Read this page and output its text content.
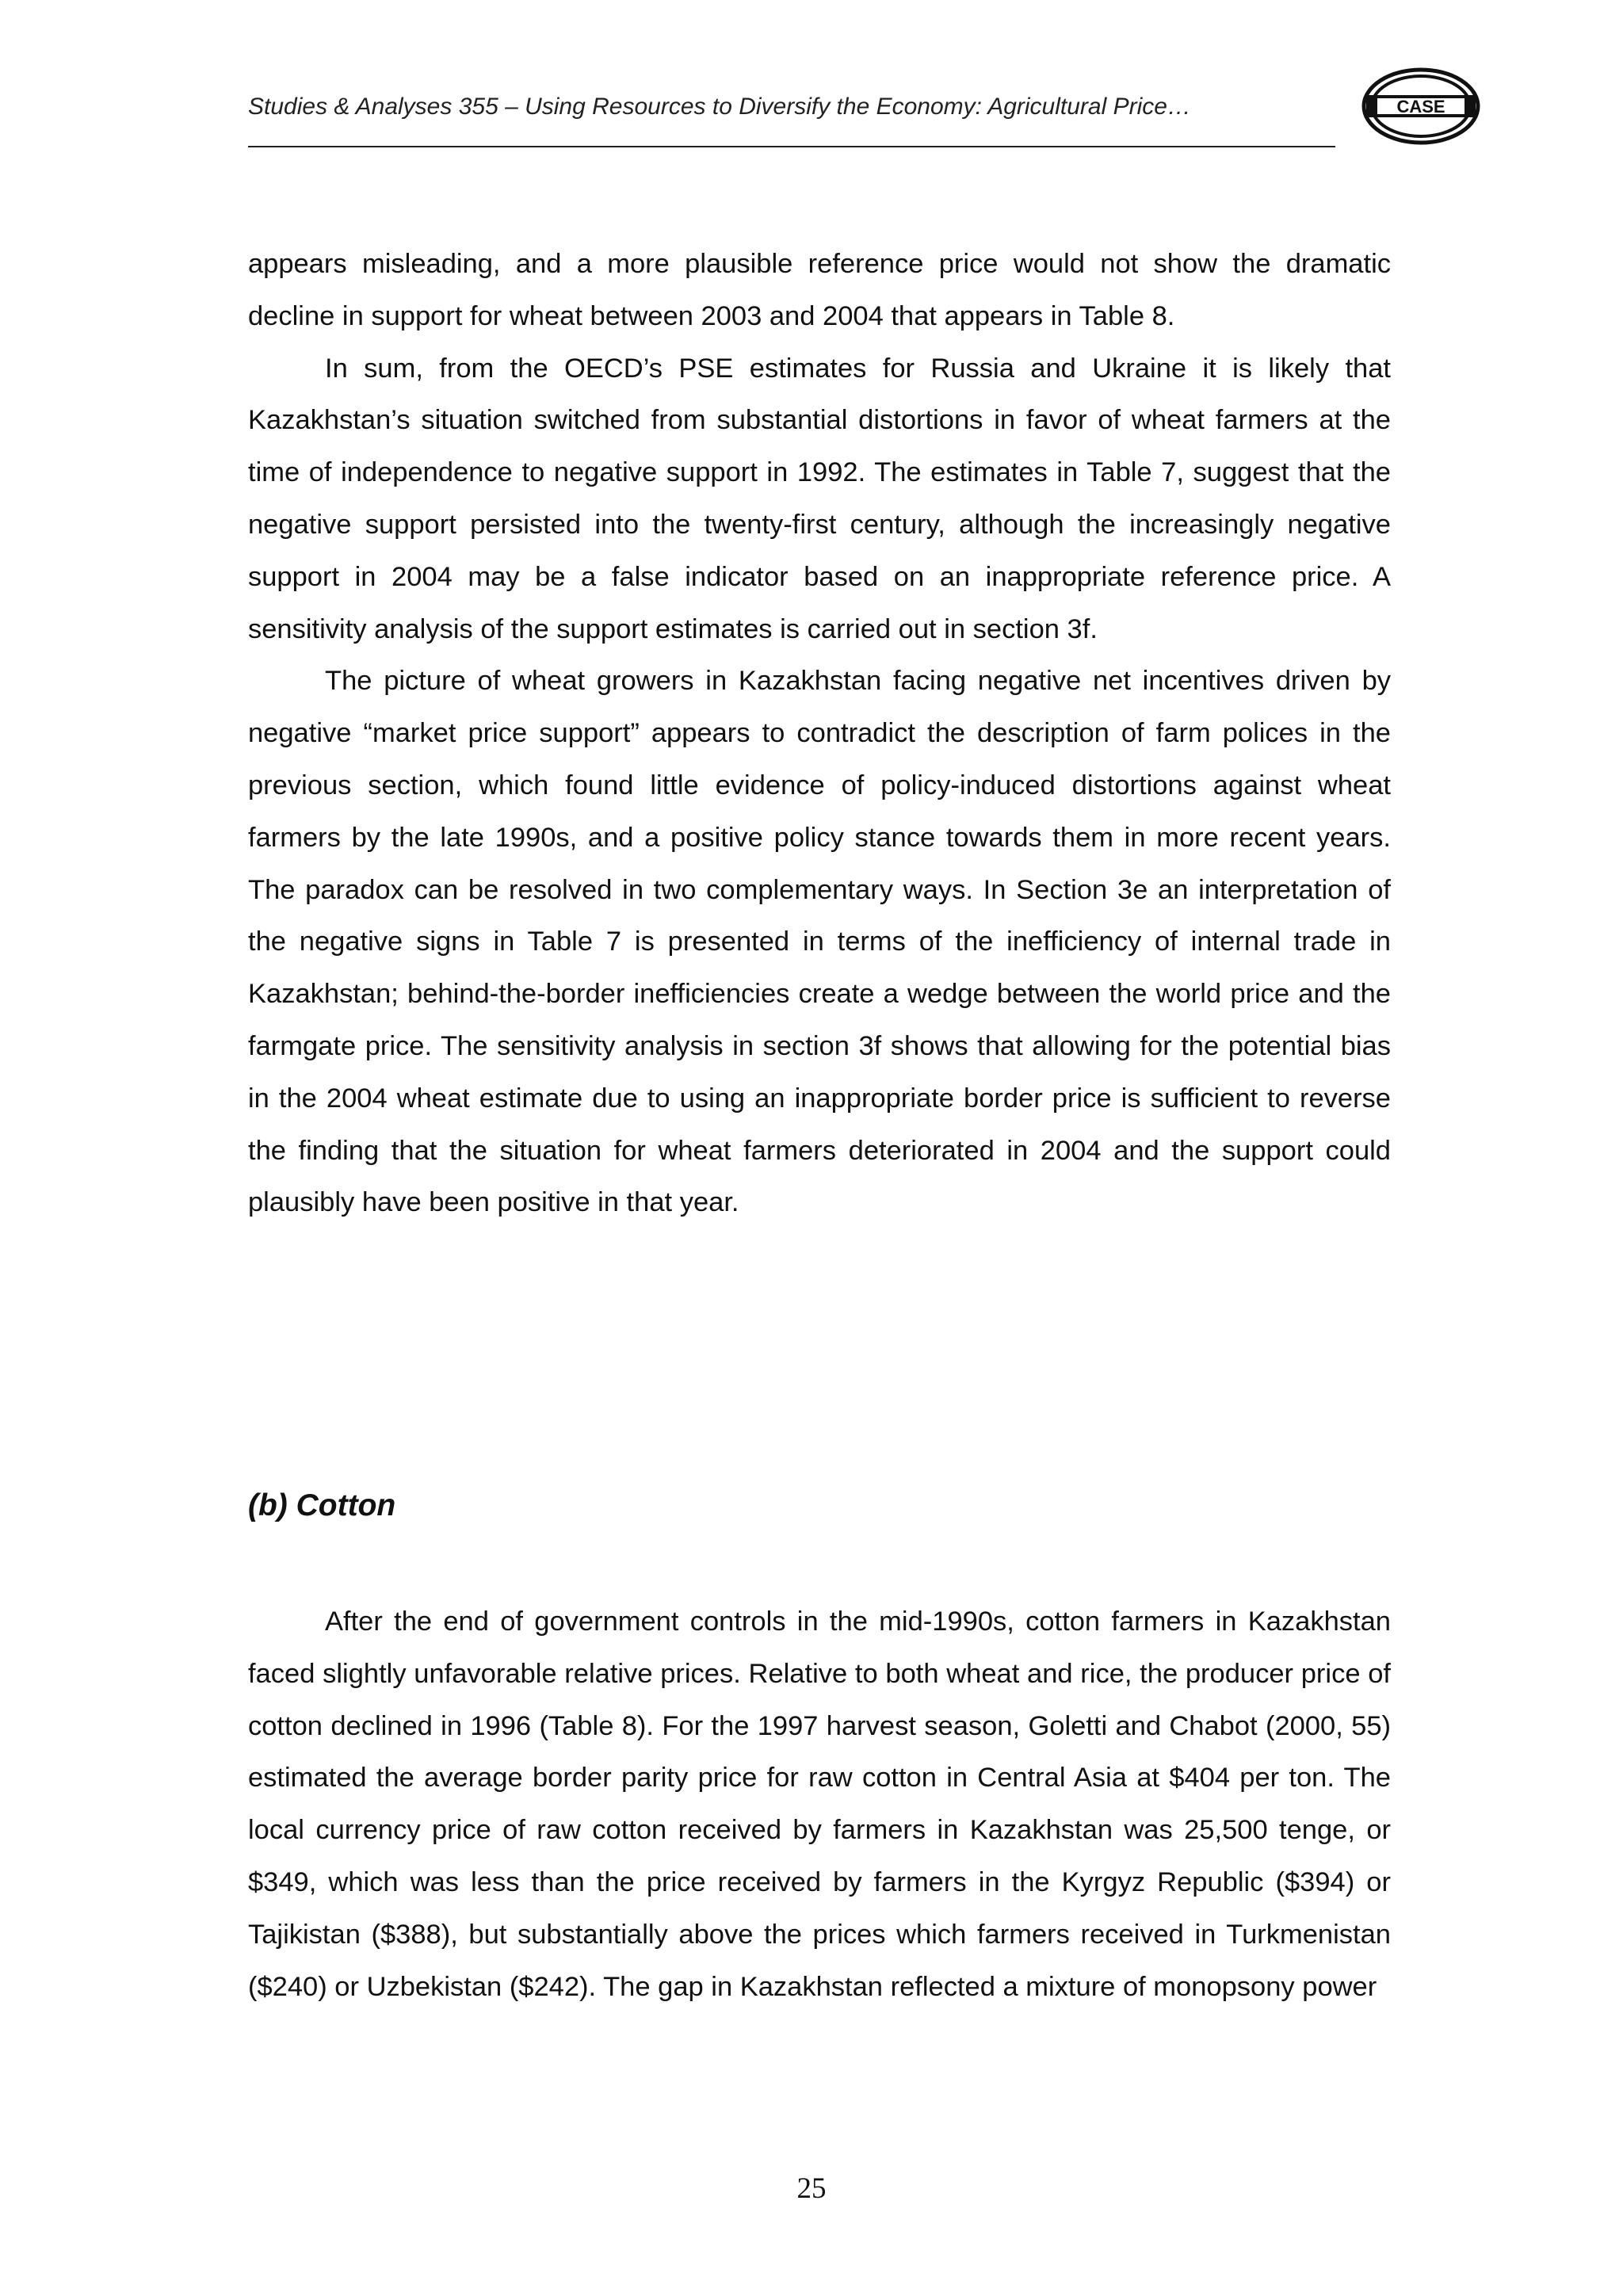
Studies & Analyses 355 – Using Resources to Diversify the Economy: Agricultural Price…	CASE

appears misleading, and a more plausible reference price would not show the dramatic decline in support for wheat between 2003 and 2004 that appears in Table 8.

In sum, from the OECD’s PSE estimates for Russia and Ukraine it is likely that Kazakhstan’s situation switched from substantial distortions in favor of wheat farmers at the time of independence to negative support in 1992. The estimates in Table 7, suggest that the negative support persisted into the twenty-first century, although the increasingly negative support in 2004 may be a false indicator based on an inappropriate reference price. A sensitivity analysis of the support estimates is carried out in section 3f.

The picture of wheat growers in Kazakhstan facing negative net incentives driven by negative “market price support” appears to contradict the description of farm polices in the previous section, which found little evidence of policy-induced distortions against wheat farmers by the late 1990s, and a positive policy stance towards them in more recent years. The paradox can be resolved in two complementary ways. In Section 3e an interpretation of the negative signs in Table 7 is presented in terms of the inefficiency of internal trade in Kazakhstan; behind-the-border inefficiencies create a wedge between the world price and the farmgate price. The sensitivity analysis in section 3f shows that allowing for the potential bias in the 2004 wheat estimate due to using an inappropriate border price is sufficient to reverse the finding that the situation for wheat farmers deteriorated in 2004 and the support could plausibly have been positive in that year.

(b) Cotton

After the end of government controls in the mid-1990s, cotton farmers in Kazakhstan faced slightly unfavorable relative prices. Relative to both wheat and rice, the producer price of cotton declined in 1996 (Table 8). For the 1997 harvest season, Goletti and Chabot (2000, 55) estimated the average border parity price for raw cotton in Central Asia at $404 per ton. The local currency price of raw cotton received by farmers in Kazakhstan was 25,500 tenge, or $349, which was less than the price received by farmers in the Kyrgyz Republic ($394) or Tajikistan ($388), but substantially above the prices which farmers received in Turkmenistan ($240) or Uzbekistan ($242). The gap in Kazakhstan reflected a mixture of monopsony power

25
